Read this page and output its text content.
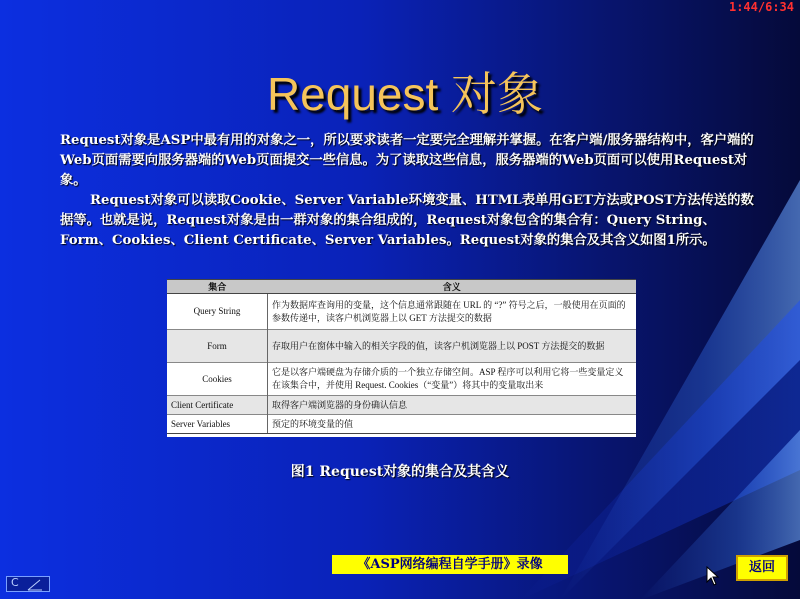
1:44/6:34
Request 对象
Request对象是ASP中最有用的对象之一，所以要求读者一定要完全理解并掌握。在客户端/服务器结构中，客户端的Web页面需要向服务器端的Web页面提交一些信息。为了读取这些信息，服务器端的Web页面可以使用Request对象。
Request对象可以读取Cookie、Server Variable环境变量、HTML表单用GET方法或POST方法传送的数据等。也就是说，Request对象是由一群对象的集合组成的，Request对象包含的集合有：Query String、Form、Cookies、Client Certificate、Server Variables。Request对象的集合及其含义如图1所示。
集合	含义
Query String	作为数据库查询用的变量，这个信息通常跟随在 URL 的 “?” 符号之后，一般使用在页面的参数传递中，读客户机浏览器上以 GET 方法提交的数据
Form	存取用户在窗体中输入的相关字段的值，读客户机浏览器上以 POST 方法提交的数据
Cookies	它是以客户端硬盘为存储介质的一个独立存储空间。ASP 程序可以利用它将一些变量定义在该集合中，并使用 Request. Cookies（“变量”）将其中的变量取出来
Client Certificate	取得客户端浏览器的身份确认信息
Server Variables	预定的环境变量的值
图1 Request对象的集合及其含义
《ASP网络编程自学手册》录像	返回
C
